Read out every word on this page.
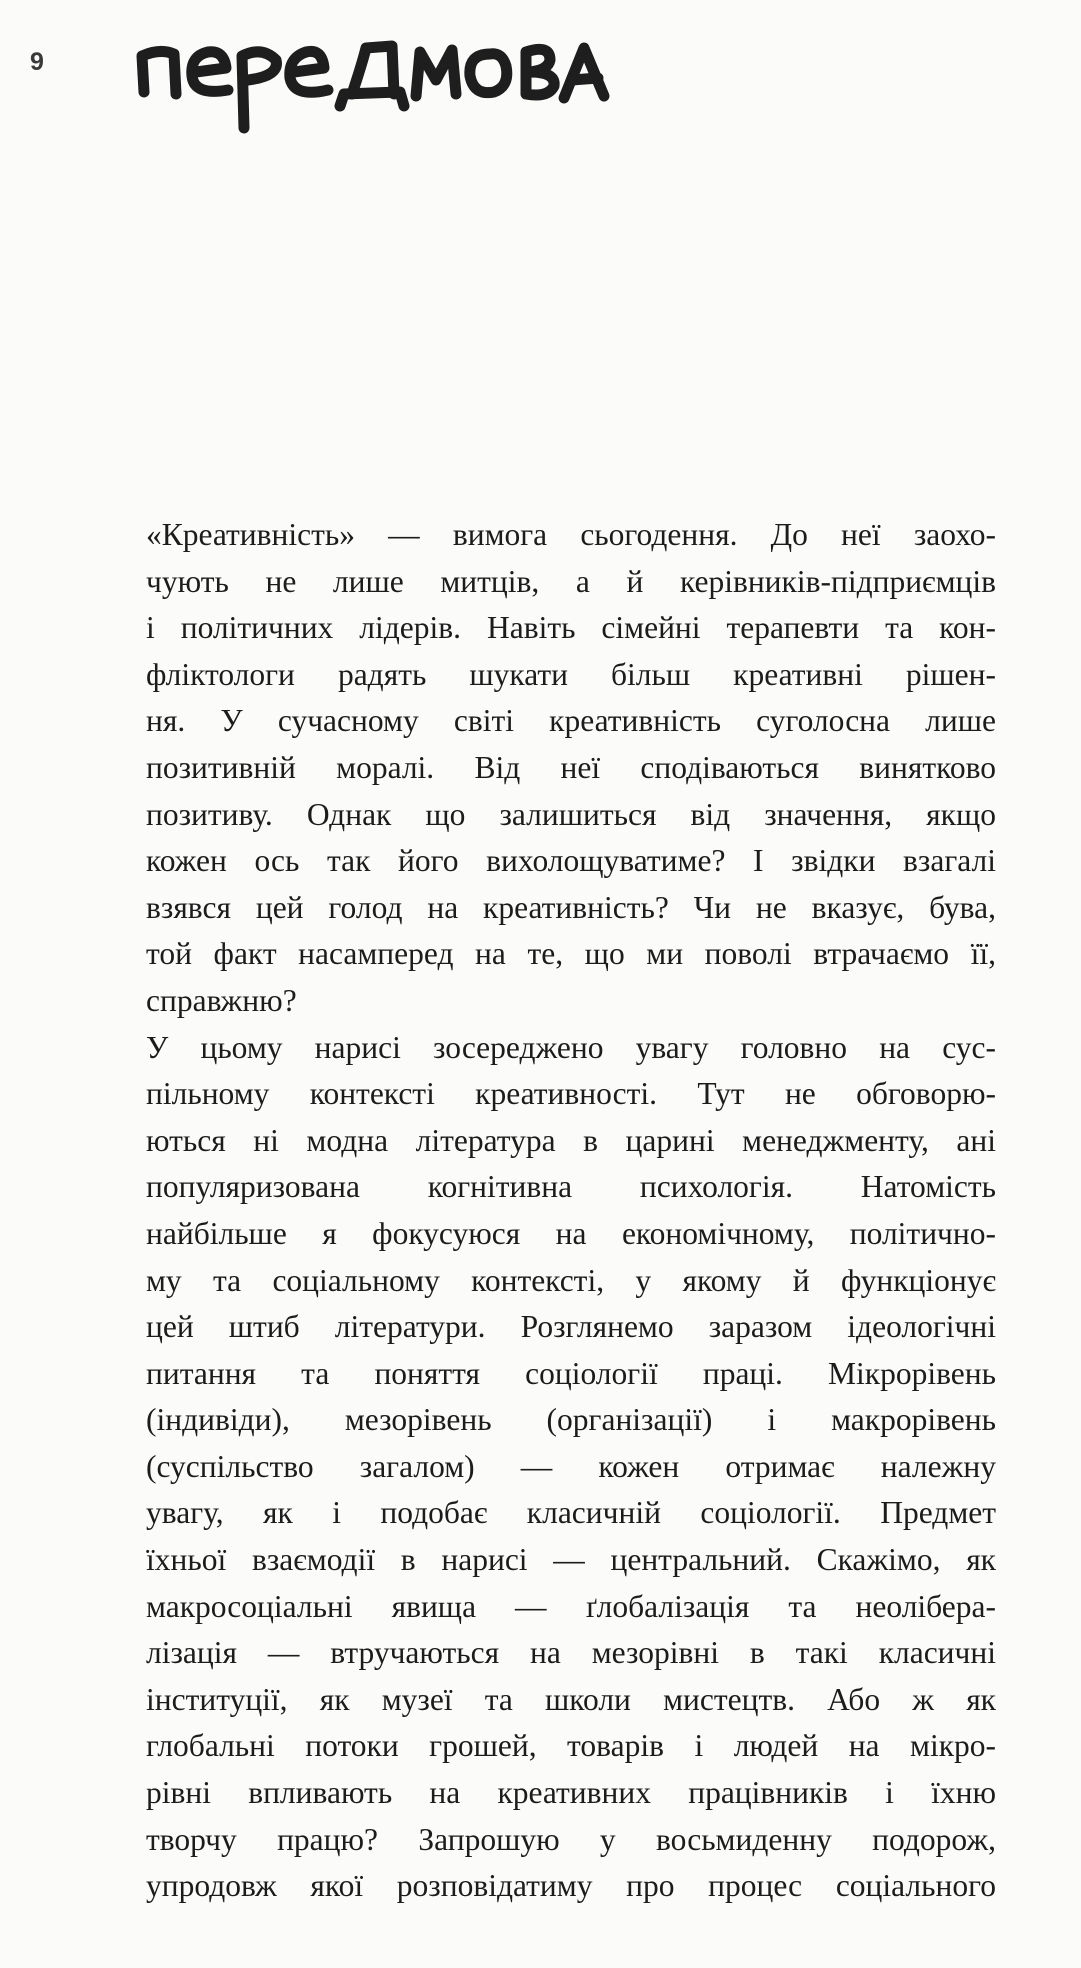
9
«Креативність» — вимога сьогодення. До неї заохо-
чують не лише митців, а й керівників-підприємців
і політичних лідерів. Навіть сімейні терапевти та кон-
фліктологи радять шукати більш креативні рішен-
ня. У сучасному світі креативність суголосна лише
позитивній моралі. Від неї сподіваються винятково
позитиву. Однак що залишиться від значення, якщо
кожен ось так його вихолощуватиме? І звідки взагалі
взявся цей голод на креативність? Чи не вказує, бува,
той факт насамперед на те, що ми поволі втрачаємо її,
справжню?
У цьому нарисі зосереджено увагу головно на сус-
пільному контексті креативності. Тут не обговорю-
ються ні модна література в царині менеджменту, ані
популяризована когнітивна психологія. Натомість
найбільше я фокусуюся на економічному, політично-
му та соціальному контексті, у якому й функціонує
цей штиб літератури. Розглянемо заразом ідеологічні
питання та поняття соціології праці. Мікрорівень
(індивіди), мезорівень (організації) і макрорівень
(суспільство загалом) — кожен отримає належну
увагу, як і подобає класичній соціології. Предмет
їхньої взаємодії в нарисі — центральний. Скажімо, як
макросоціальні явища — ґлобалізація та неоліберa-
лізація — втручаються на мезорівні в такі класичні
інституції, як музеї та школи мистецтв. Або ж як
глобальні потоки грошей, товарів і людей на мікро-
рівні впливають на креативних працівників і їхню
творчу працю? Запрошую у восьмиденну подорож,
упродовж якої розповідатиму про процес соціального
